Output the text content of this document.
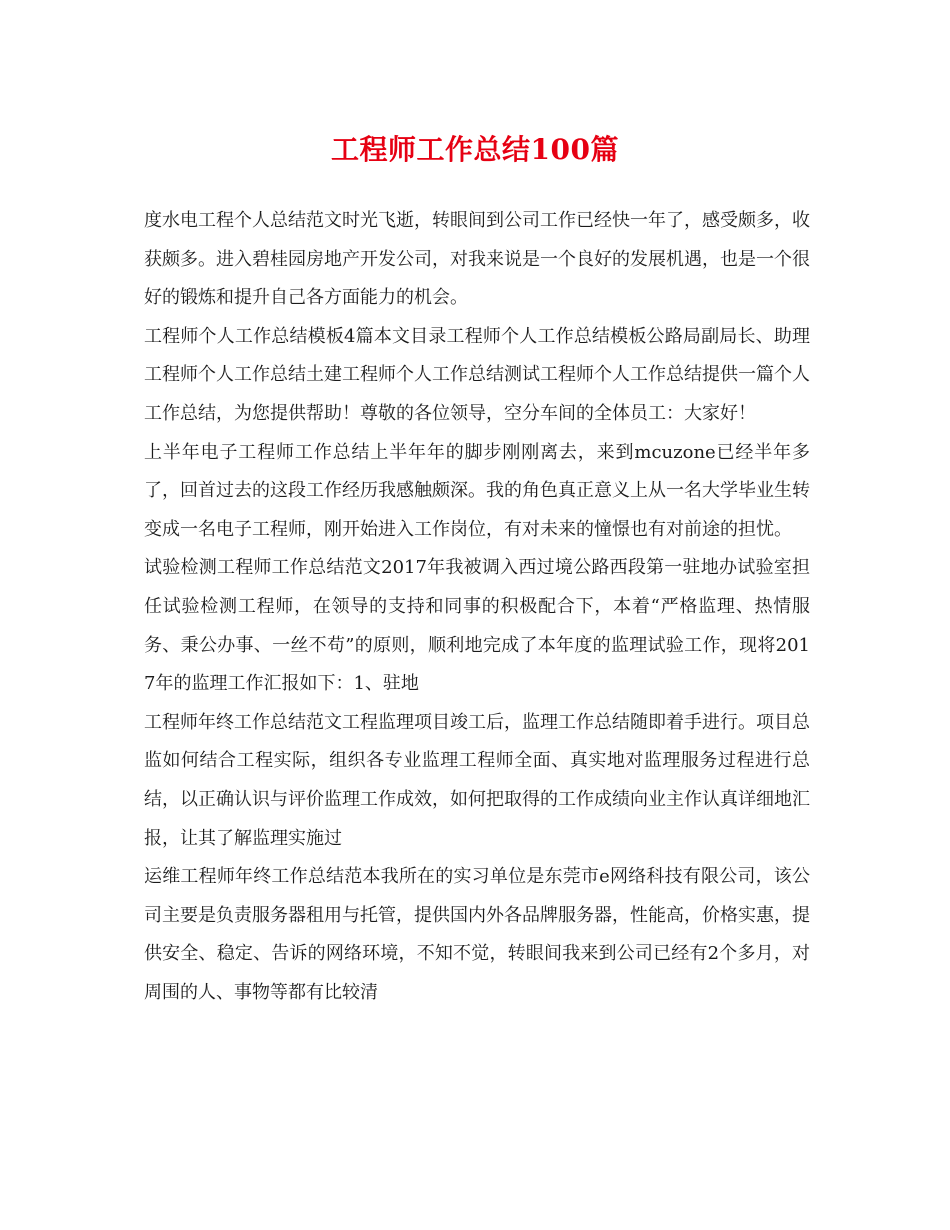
工程师工作总结100篇

度水电工程个人总结范文时光飞逝，转眼间到公司工作已经快一年了，感受颇多，收获颇多。进入碧桂园房地产开发公司，对我来说是一个良好的发展机遇，也是一个很好的锻炼和提升自己各方面能力的机会。

工程师个人工作总结模板4篇本文目录工程师个人工作总结模板公路局副局长、助理工程师个人工作总结土建工程师个人工作总结测试工程师个人工作总结提供一篇个人工作总结，为您提供帮助！尊敬的各位领导，空分车间的全体员工：大家好！

上半年电子工程师工作总结上半年年的脚步刚刚离去，来到mcuzone已经半年多了，回首过去的这段工作经历我感触颇深。我的角色真正意义上从一名大学毕业生转变成一名电子工程师，刚开始进入工作岗位，有对未来的憧憬也有对前途的担忧。

试验检测工程师工作总结范文2017年我被调入西过境公路西段第一驻地办试验室担任试验检测工程师，在领导的支持和同事的积极配合下，本着“严格监理、热情服务、秉公办事、一丝不苟”的原则，顺利地完成了本年度的监理试验工作，现将2017年的监理工作汇报如下：1、驻地

工程师年终工作总结范文工程监理项目竣工后，监理工作总结随即着手进行。项目总监如何结合工程实际，组织各专业监理工程师全面、真实地对监理服务过程进行总结，以正确认识与评价监理工作成效，如何把取得的工作成绩向业主作认真详细地汇报，让其了解监理实施过

运维工程师年终工作总结范本我所在的实习单位是东莞市e网络科技有限公司，该公司主要是负责服务器租用与托管，提供国内外各品牌服务器，性能高，价格实惠，提供安全、稳定、告诉的网络环境，不知不觉，转眼间我来到公司已经有2个多月，对周围的人、事物等都有比较清
